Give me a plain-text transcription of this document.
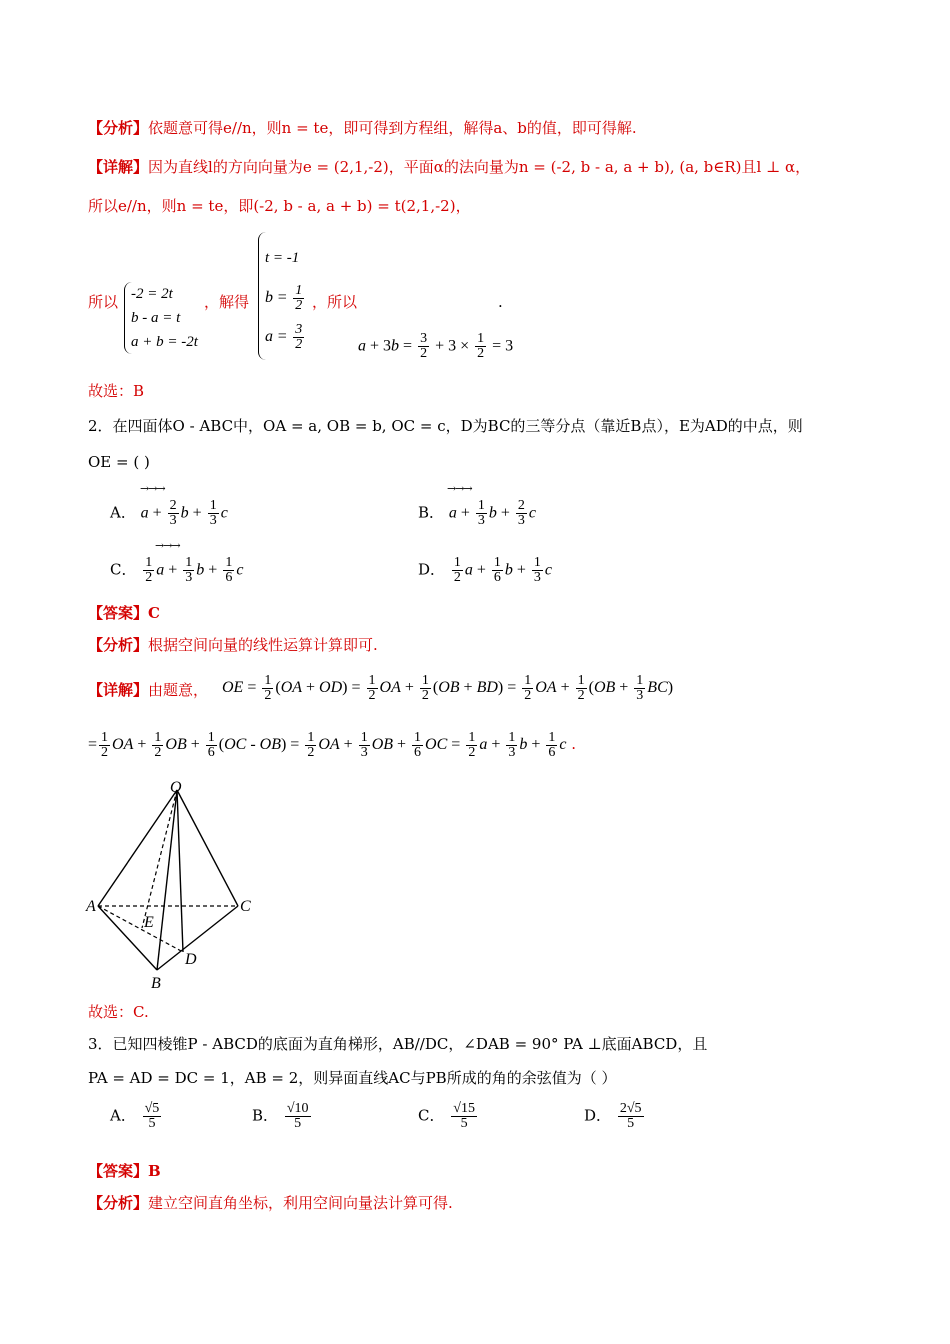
【分析】依题意可得e//n，则n = te，即可得到方程组，解得a、b的值，即可得解.
【详解】因为直线l的方向向量为e = (2,1,-2)，平面α的法向量为n = (-2, b - a, a + b), (a, b∈R)且l ⊥ α，
所以e//n，则n = te，即(-2, b - a, a + b) = t(2,1,-2)，
所以 -2 = 2t
b - a = t
a + b = -2t
，解得
t = -1
$b = \frac{1}{2}$
$a = \frac{3}{2}$
，所以	.
$a + 3b = \frac{3}{2} + 3 \times \frac{1}{2} = 3$
故选：B
2．在四面体O - ABC中，OA = a, OB = b, OC = c，D为BC的三等分点（靠近B点），E为AD的中点，则
OE = ( )
→→→
A． $a + \frac{2}{3}$ $b + \frac{1}{3}$ c
→→→
B． $a + \frac{1}{3}$ $b + \frac{2}{3}$ c
→→→
C． $\frac{1}{2}$ $a + \frac{1}{3}$ $b + \frac{1}{6}$ c	D． $\frac{1}{2}$ $a + \frac{1}{6}$ $b + \frac{1}{3}$ c
【答案】C
【分析】根据空间向量的线性运算计算即可.
【详解】由题意， OE = $\frac{1}{2} (OA + OD) = \frac{1}{2}$ OA + $\frac{1}{2} (OB + BD) = \frac{1}{2}$ OA + $\frac{1}{2} (OB + \frac{1}{3} BC)$
= $\frac{1}{2}$ OA + $\frac{1}{2}$ OB + $\frac{1}{6} (OC - OB) = \frac{1}{2}$ OA + $\frac{1}{3}$ OB + $\frac{1}{6}$ OC = $\frac{1}{2}$ $a + \frac{1}{3}$ $b + \frac{1}{6}$ c .
O
A	C
E
D
B
故选：C.
3．已知四棱锥P - ABCD的底面为直角梯形，AB//DC，∠DAB = 90° PA ⊥底面ABCD，且
PA = AD = DC = 1，AB = 2，则异面直线AC与PB所成的角的余弦值为（ ）
A． $\frac{√5}{5}$	B． $\frac{√10}{5}$	C． $\frac{√15}{5}$	D． $\frac{2√5}{5}$
【答案】B
【分析】建立空间直角坐标，利用空间向量法计算可得.
